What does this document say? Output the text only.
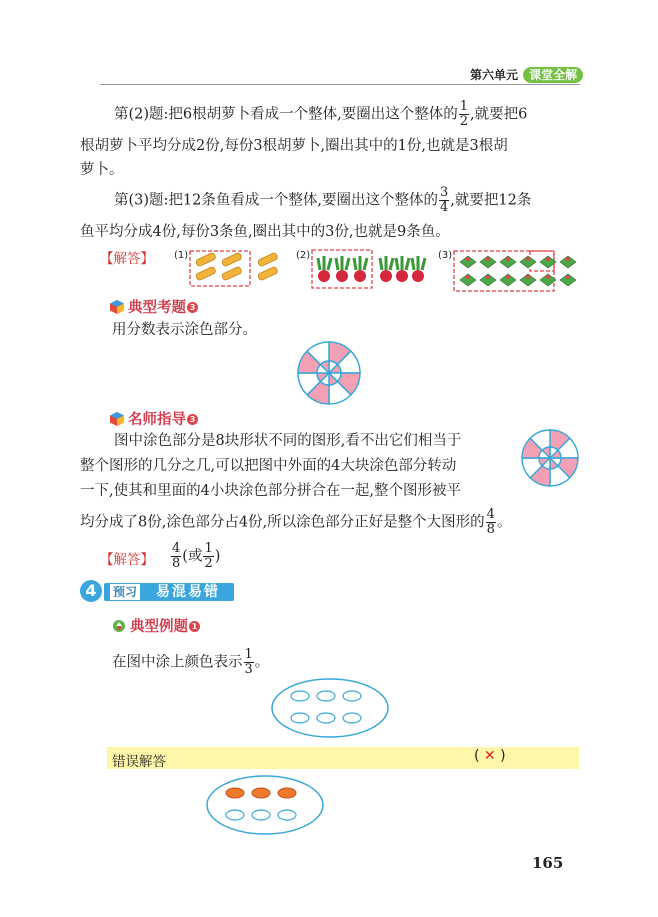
第六单元 课堂全解
第(2)题:把6根胡萝卜看成一个整体,要圈出这个整体的 $\frac{1}{2}$ ,就要把6
根胡萝卜平均分成2份,每份3根胡萝卜,圈出其中的1份,也就是3根胡
萝卜。
第(3)题:把12条鱼看成一个整体,要圈出这个整体的 $\frac{3}{4}$ ,就要把12条
鱼平均分成4份,每份3条鱼,圈出其中的3份,也就是9条鱼。
【解答】 (1)	(2)	(3)
典型考题 3
用分数表示涂色部分。
名师指导 3
图中涂色部分是8块形状不同的图形,看不出它们相当于
整个图形的几分之几,可以把图中外面的4大块涂色部分转动
一下,使其和里面的4小块涂色部分拼合在一起,整个图形被平
均分成了8份,涂色部分占4份,所以涂色部分正好是整个大图形的 $\frac{4}{8}$ 。
【解答】 $\frac{4}{8}$ (或 $\frac{1}{2}$ )
4	预习 易混易错
典型例题 1
在图中涂上颜色表示 $\frac{1}{3}$ 。
错误解答	( ✕ )
165
